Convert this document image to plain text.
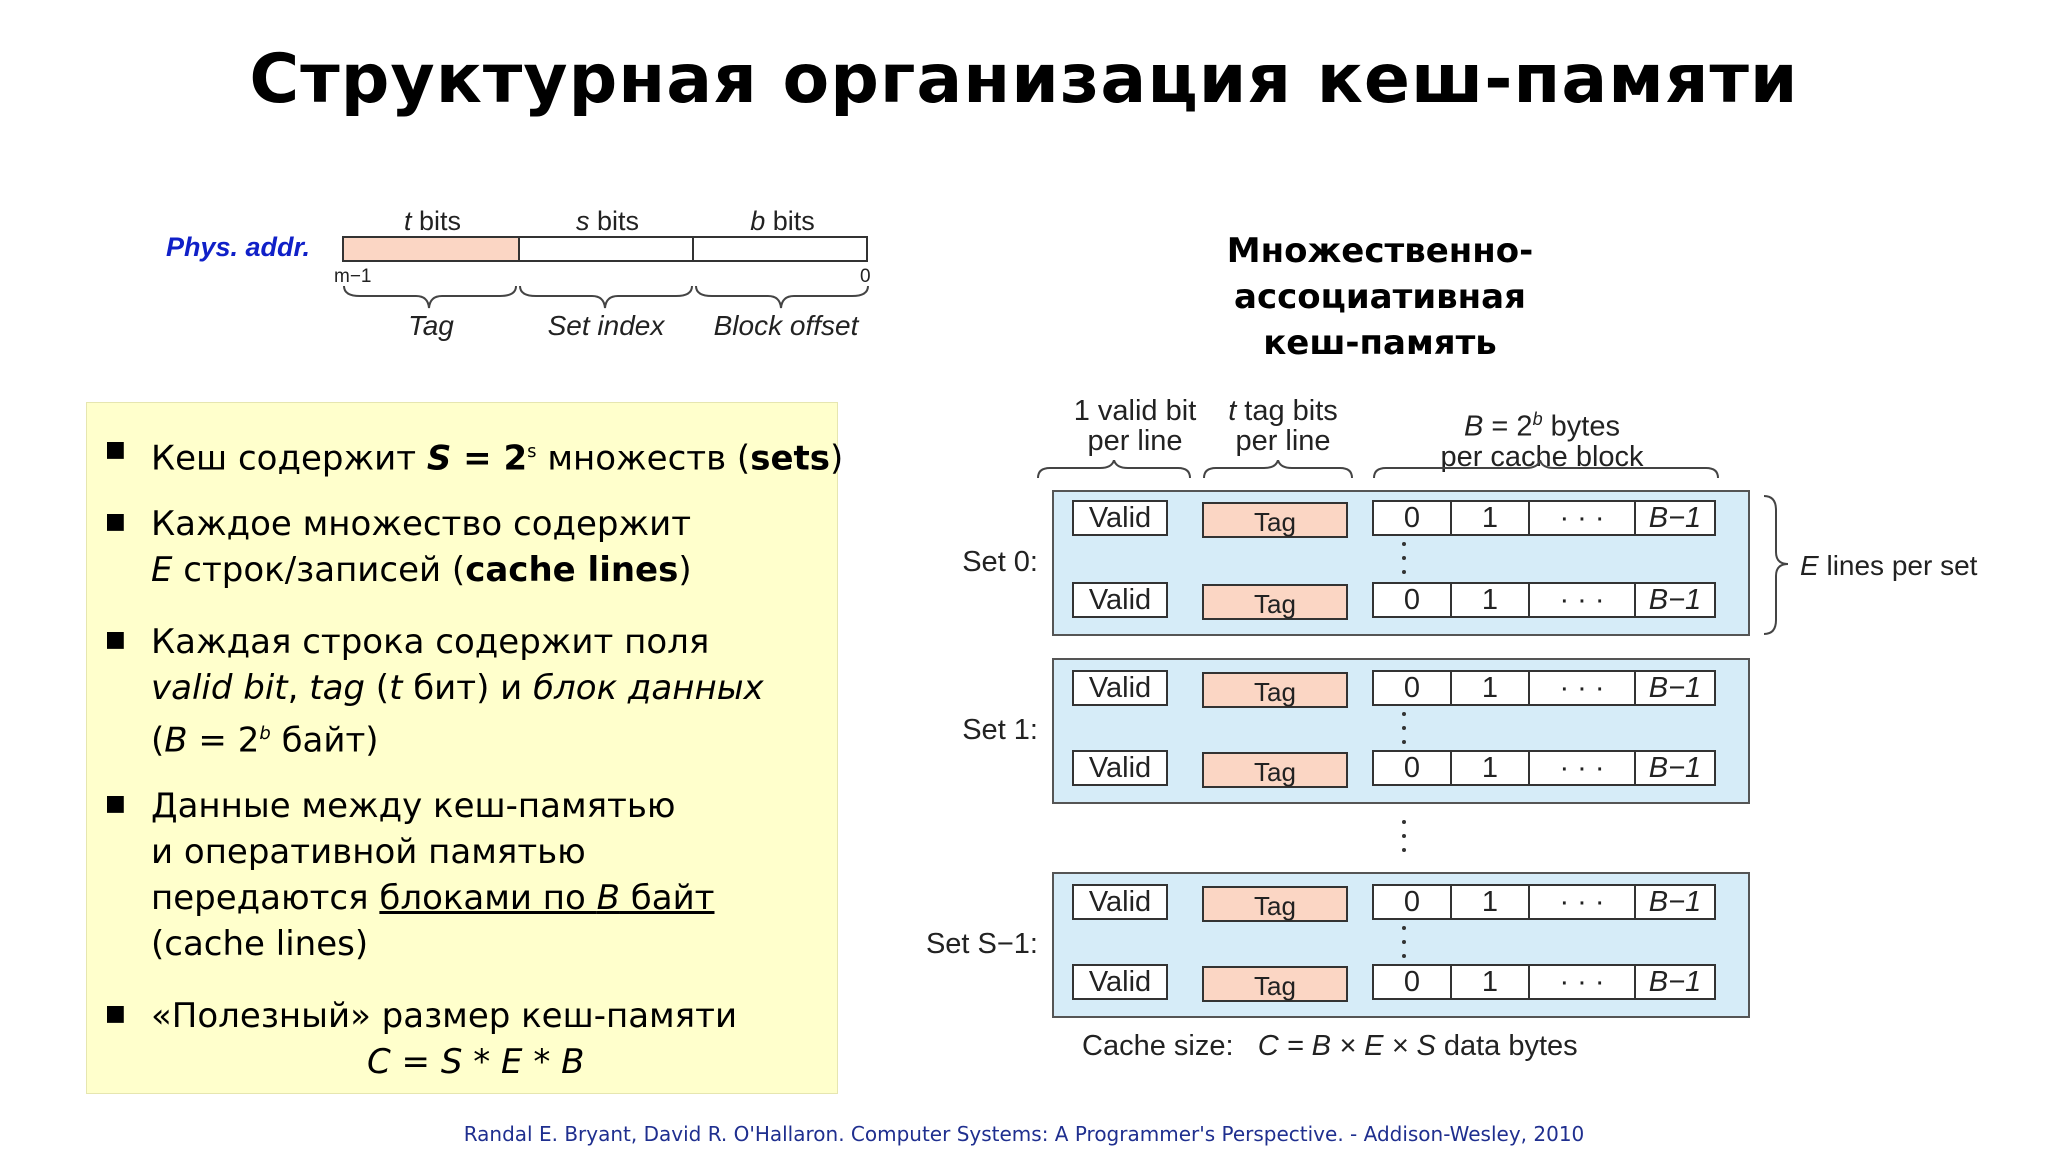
Структурная организация кеш-памяти
Phys. addr.
t bits	s bits	b bits
m−1	0
Tag	Set index	Block offset
Множественно-ассоциативная
кеш-память
■ Кеш содержит $S = 2^s$ множеств (sets)
■ Каждое множество содержит
E строк/записей (cache lines)
■ Каждая строка содержит поля
valid bit, tag (t бит) и блок данных
($B = 2^b$ байт)
■ Данные между кеш-памятью
и оперативной памятью
передаются блоками по B байт
(cache lines)
■ «Полезный» размер кеш-памяти
C = S * E * B
1 valid bit
per line
t tag bits
per line	$B = 2^b$ bytes
per cache block
Set 0:
Valid	Tag	0	1	· · ·	B−1
Valid	Tag	0	1	· · ·	B−1
E lines per set
Set 1:
Valid	Tag	0	1	· · ·	B−1
Valid	Tag	0	1	· · ·	B−1
Set S−1:
Valid	Tag	0	1	· · ·	B−1
Valid	Tag	0	1	· · ·	B−1
Cache size: C = B × E × S data bytes
Randal E. Bryant, David R. O'Hallaron. Computer Systems: A Programmer's Perspective. - Addison-Wesley, 2010
